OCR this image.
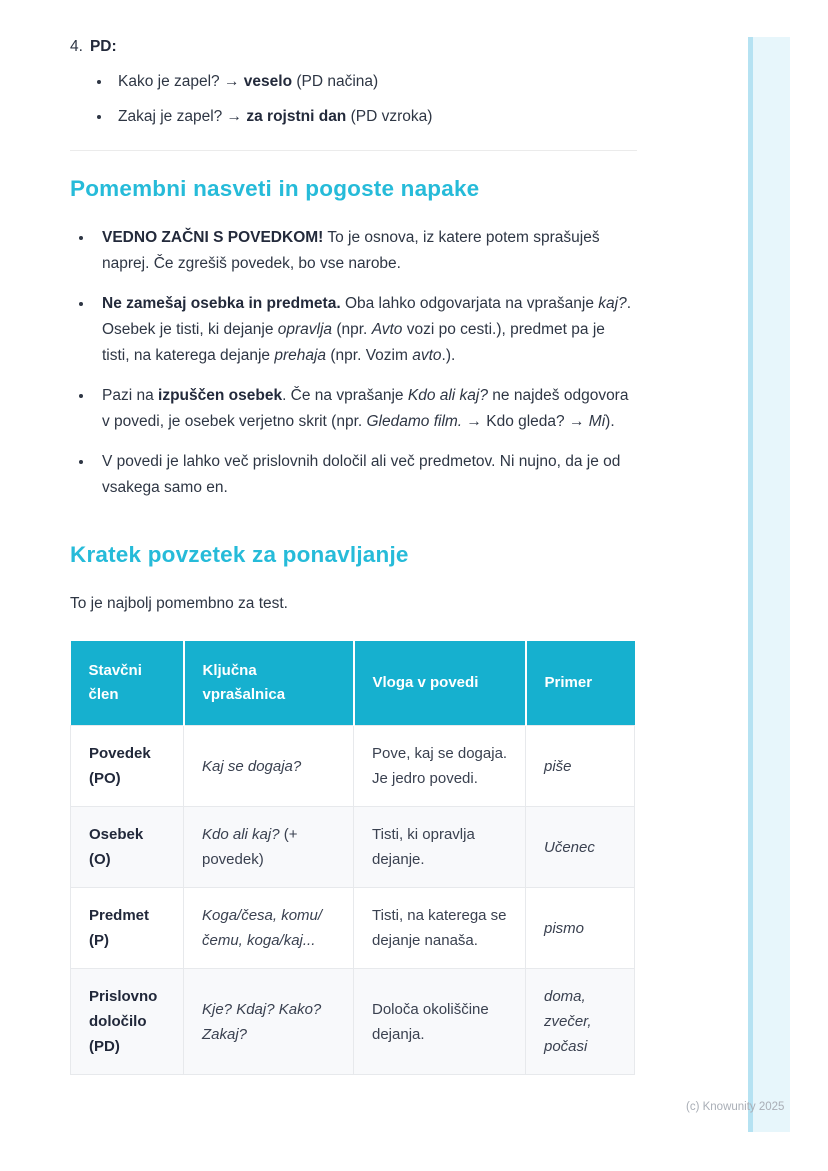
(c) Knowunity 2025
4. PD:
• Kako je zapel? → veselo (PD načina)
• Zakaj je zapel? → za rojstni dan (PD vzroka)
Pomembni nasveti in pogoste napake
• VEDNO ZAČNI S POVEDKOM! To je osnova, iz katere potem sprašuješ naprej. Če zgrešiš povedek, bo vse narobe.
• Ne zamešaj osebka in predmeta. Oba lahko odgovarjata na vprašanje kaj?. Osebek je tisti, ki dejanje opravlja (npr. Avto vozi po cesti.), predmet pa je tisti, na katerega dejanje prehaja (npr. Vozim avto.).
• Pazi na izpuščen osebek. Če na vprašanje Kdo ali kaj? ne najdeš odgovora v povedi, je osebek verjetno skrit (npr. Gledamo film. → Kdo gleda? → Mi).
• V povedi je lahko več prislovnih določil ali več predmetov. Ni nujno, da je od vsakega samo en.
Kratek povzetek za ponavljanje

To je najbolj pomembno za test.

Stavčni člen	Ključna vprašalnica	Vloga v povedi	Primer
Povedek (PO)	Kaj se dogaja?	Pove, kaj se dogaja. Je jedro povedi.	piše
Osebek (O)	Kdo ali kaj? (+ povedek)	Tisti, ki opravlja dejanje.	Učenec
Predmet (P)	Koga/česa, komu/čemu, koga/kaj...	Tisti, na katerega se dejanje nanaša.	pismo
Prislovno določilo (PD)	Kje? Kdaj? Kako? Zakaj?	Določa okoliščine dejanja.	doma, zvečer, počasi
